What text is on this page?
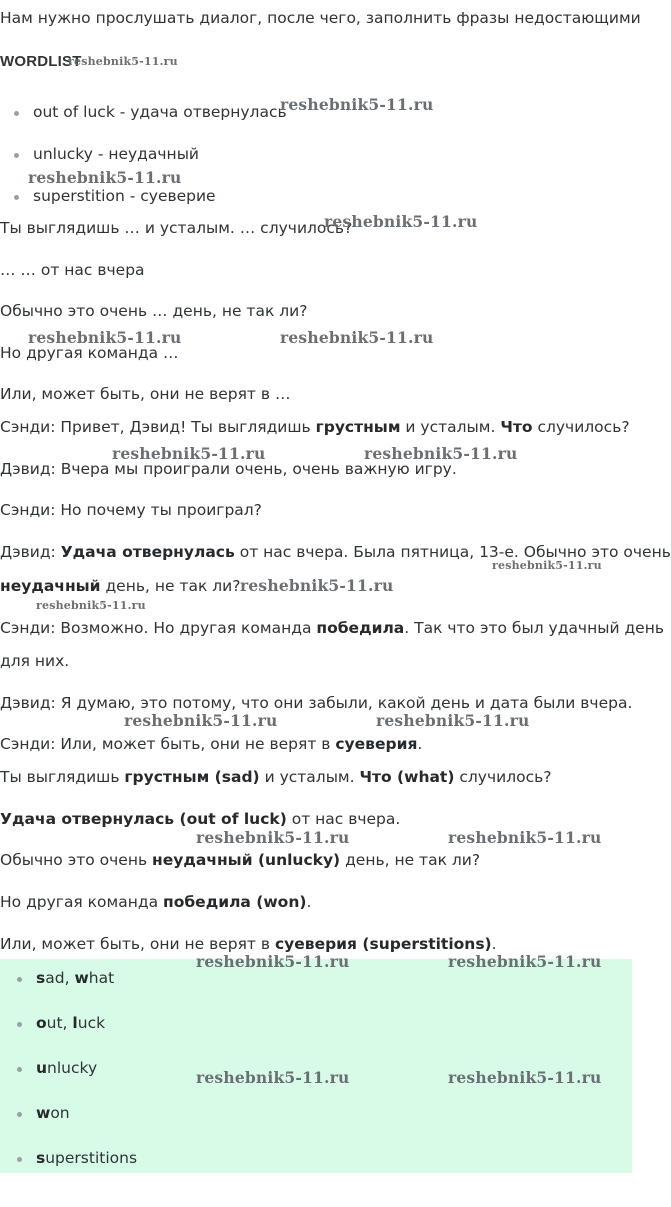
Нам нужно прослушать диалог, после чего, заполнить фразы недостающими
WORDLIST
reshebnik5-11.ru
out of luck - удача отвернулась
reshebnik5-11.ru
unlucky - неудачный
reshebnik5-11.ru
superstition - суеверие
Ты выглядишь … и усталым. … случилось?
reshebnik5-11.ru
… … от нас вчера
Обычно это очень … день, не так ли?
reshebnik5-11.ru	reshebnik5-11.ru
Но другая команда …
Или, может быть, они не верят в …
Сэнди: Привет, Дэвид! Ты выглядишь грустным и усталым. Что случилось?
reshebnik5-11.ru	reshebnik5-11.ru
Дэвид: Вчера мы проиграли очень, очень важную игру.
Сэнди: Но почему ты проиграл?
Дэвид: Удача отвернулась от нас вчера. Была пятница, 13-е. Обычно это очень
reshebnik5-11.ru
неудачный день, не так ли? reshebnik5-11.ru
reshebnik5-11.ru
Сэнди: Возможно. Но другая команда победила. Так что это был удачный день
для них.
Дэвид: Я думаю, это потому, что они забыли, какой день и дата были вчера.
reshebnik5-11.ru	reshebnik5-11.ru
Сэнди: Или, может быть, они не верят в суеверия.
Ты выглядишь грустным (sad) и усталым. Что (what) случилось?
Удача отвернулась (out of luck) от нас вчера.
reshebnik5-11.ru	reshebnik5-11.ru
Обычно это очень неудачный (unlucky) день, не так ли?
Но другая команда победила (won).
Или, может быть, они не верят в суеверия (superstitions).
reshebnik5-11.ru	reshebnik5-11.ru
sad, what
out, luck
unlucky	reshebnik5-11.ru	reshebnik5-11.ru
won
superstitions
